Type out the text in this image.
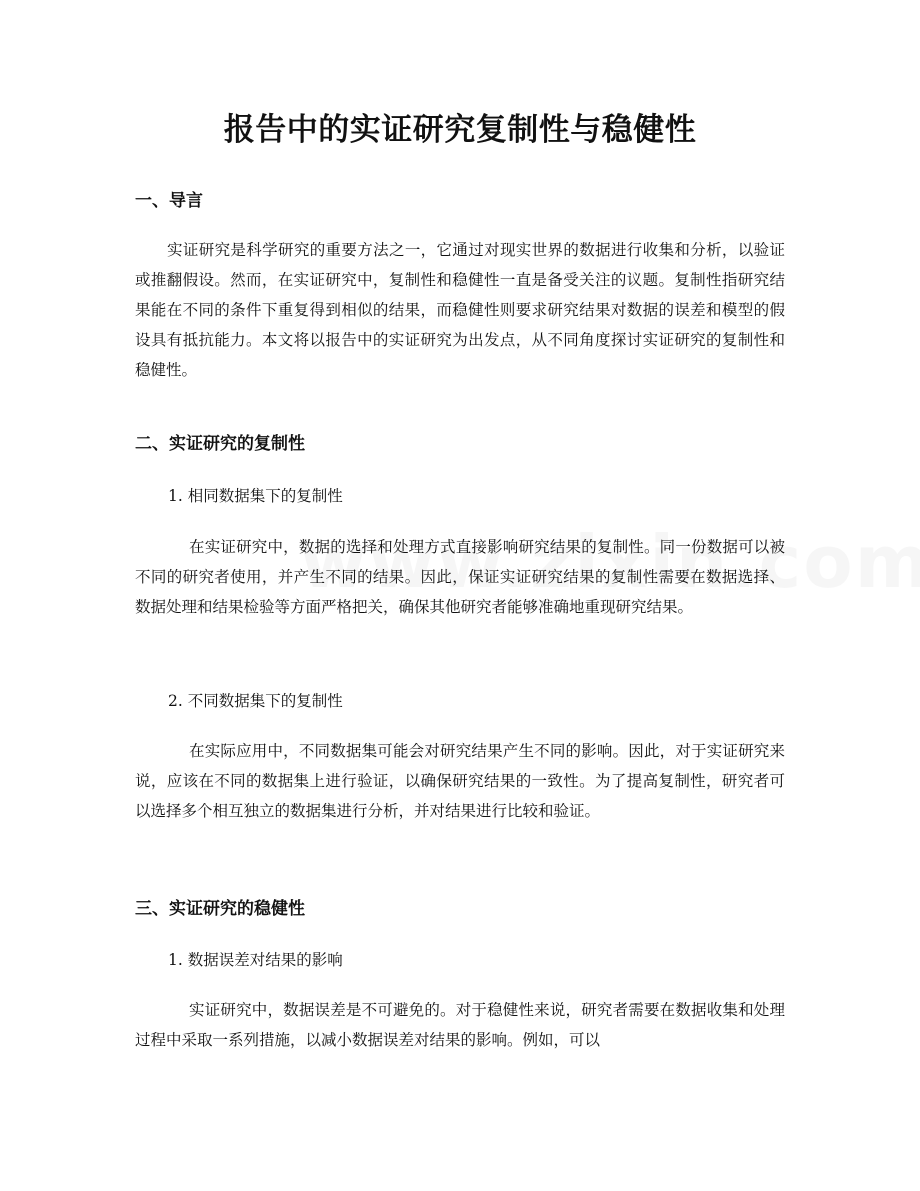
报告中的实证研究复制性与稳健性
一、导言

实证研究是科学研究的重要方法之一，它通过对现实世界的数据进行收集和分析，以验证或推翻假设。然而，在实证研究中，复制性和稳健性一直是备受关注的议题。复制性指研究结果能在不同的条件下重复得到相似的结果，而稳健性则要求研究结果对数据的误差和模型的假设具有抵抗能力。本文将以报告中的实证研究为出发点，从不同角度探讨实证研究的复制性和稳健性。

二、实证研究的复制性
1. 相同数据集下的复制性

在实证研究中，数据的选择和处理方式直接影响研究结果的复制性。同一份数据可以被不同的研究者使用，并产生不同的结果。因此，保证实证研究结果的复制性需要在数据选择、数据处理和结果检验等方面严格把关，确保其他研究者能够准确地重现研究结果。

2. 不同数据集下的复制性

在实际应用中，不同数据集可能会对研究结果产生不同的影响。因此，对于实证研究来说，应该在不同的数据集上进行验证，以确保研究结果的一致性。为了提高复制性，研究者可以选择多个相互独立的数据集进行分析，并对结果进行比较和验证。

三、实证研究的稳健性
1. 数据误差对结果的影响

实证研究中，数据误差是不可避免的。对于稳健性来说，研究者需要在数据收集和处理过程中采取一系列措施，以减小数据误差对结果的影响。例如，可以
